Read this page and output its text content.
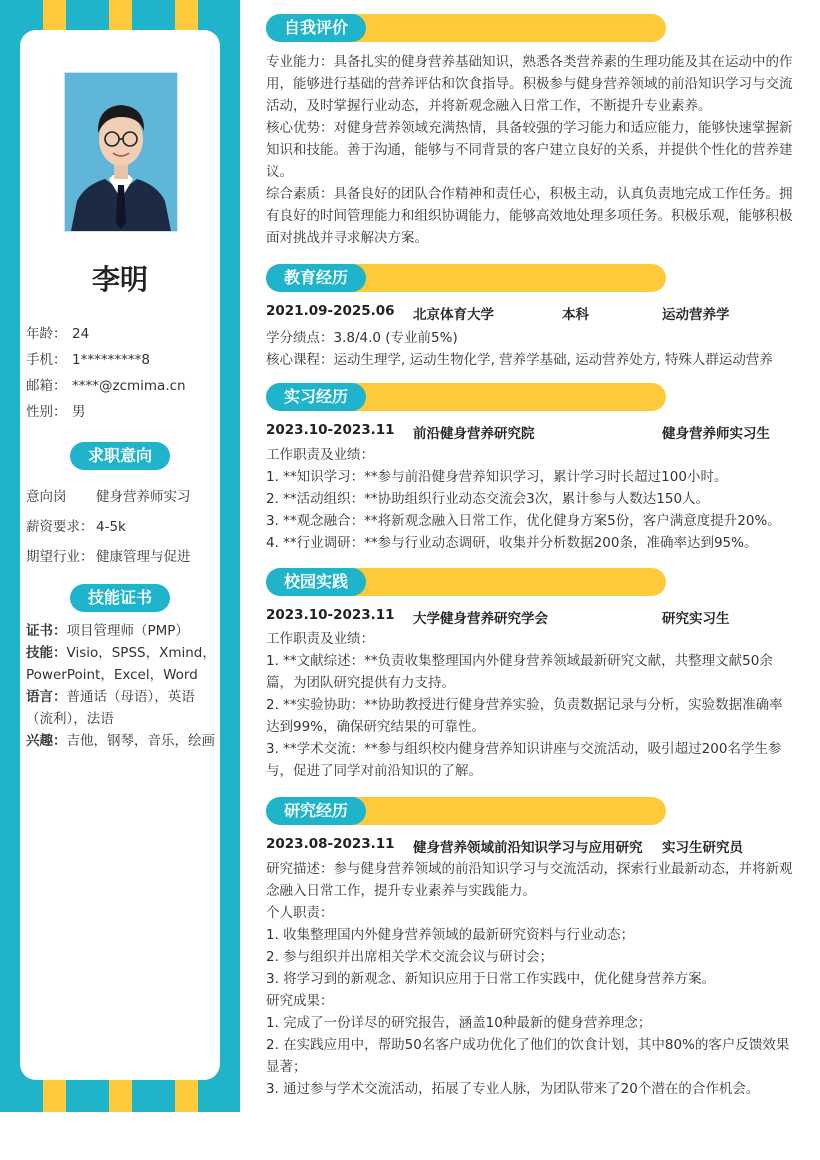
李明
年龄： 24
手机： 1*********8
邮箱： ****@zcmima.cn
性别： 男
求职意向
意向岗 健身营养师实习
薪资要求： 4-5k
期望行业： 健康管理与促进
技能证书
证书：项目管理师（PMP）
技能：Visio，SPSS，Xmind，PowerPoint，Excel，Word
语言：普通话（母语），英语（流利），法语
兴趣：吉他，钢琴，音乐，绘画
自我评价
专业能力：具备扎实的健身营养基础知识，熟悉各类营养素的生理功能及其在运动中的作用，能够进行基础的营养评估和饮食指导。积极参与健身营养领域的前沿知识学习与交流活动，及时掌握行业动态，并将新观念融入日常工作，不断提升专业素养。
核心优势：对健身营养领域充满热情，具备较强的学习能力和适应能力，能够快速掌握新知识和技能。善于沟通，能够与不同背景的客户建立良好的关系，并提供个性化的营养建议。
综合素质：具备良好的团队合作精神和责任心，积极主动，认真负责地完成工作任务。拥有良好的时间管理能力和组织协调能力，能够高效地处理多项任务。积极乐观，能够积极面对挑战并寻求解决方案。
教育经历
2021.09-2025.06 北京体育大学	本科	运动营养学
学分绩点：3.8/4.0 (专业前5%)
核心课程：运动生理学, 运动生物化学, 营养学基础, 运动营养处方, 特殊人群运动营养
实习经历
2023.10-2023.11 前沿健身营养研究院	健身营养师实习生
工作职责及业绩：
1. **知识学习：**参与前沿健身营养知识学习，累计学习时长超过100小时。
2. **活动组织：**协助组织行业动态交流会3次，累计参与人数达150人。
3. **观念融合：**将新观念融入日常工作，优化健身方案5份，客户满意度提升20%。
4. **行业调研：**参与行业动态调研，收集并分析数据200条，准确率达到95%。
校园实践
2023.10-2023.11 大学健身营养研究学会	研究实习生
工作职责及业绩：
1. **文献综述：**负责收集整理国内外健身营养领域最新研究文献，共整理文献50余篇，为团队研究提供有力支持。
2. **实验协助：**协助教授进行健身营养实验，负责数据记录与分析，实验数据准确率达到99%，确保研究结果的可靠性。
3. **学术交流：**参与组织校内健身营养知识讲座与交流活动，吸引超过200名学生参与，促进了同学对前沿知识的了解。
研究经历
2023.08-2023.11 健身营养领域前沿知识学习与应用研究 实习生研究员
研究描述：参与健身营养领域的前沿知识学习与交流活动，探索行业最新动态，并将新观念融入日常工作，提升专业素养与实践能力。
个人职责：
1. 收集整理国内外健身营养领域的最新研究资料与行业动态；
2. 参与组织并出席相关学术交流会议与研讨会；
3. 将学习到的新观念、新知识应用于日常工作实践中，优化健身营养方案。
研究成果：
1. 完成了一份详尽的研究报告，涵盖10种最新的健身营养理念；
2. 在实践应用中，帮助50名客户成功优化了他们的饮食计划，其中80%的客户反馈效果显著；
3. 通过参与学术交流活动，拓展了专业人脉，为团队带来了20个潜在的合作机会。
